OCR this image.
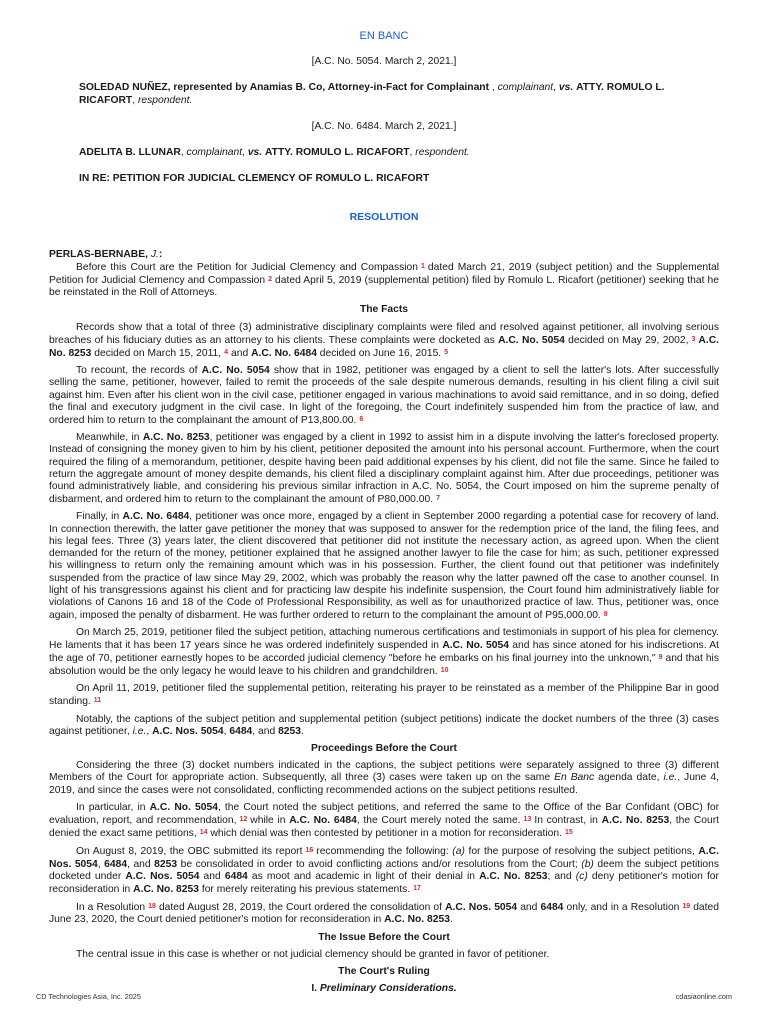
EN BANC
[A.C. No. 5054. March 2, 2021.]
SOLEDAD NUÑEZ, represented by Anamias B. Co, Attorney-in-Fact for Complainant , complainant, vs. ATTY. ROMULO L. RICAFORT, respondent.
[A.C. No. 6484. March 2, 2021.]
ADELITA B. LLUNAR, complainant, vs. ATTY. ROMULO L. RICAFORT, respondent.
IN RE: PETITION FOR JUDICIAL CLEMENCY OF ROMULO L. RICAFORT
RESOLUTION

PERLAS-BERNABE, J.:

Before this Court are the Petition for Judicial Clemency and Compassion 1 dated March 21, 2019 (subject petition) and the Supplemental Petition for Judicial Clemency and Compassion 2 dated April 5, 2019 (supplemental petition) filed by Romulo L. Ricafort (petitioner) seeking that he be reinstated in the Roll of Attorneys.

The Facts

Records show that a total of three (3) administrative disciplinary complaints were filed and resolved against petitioner, all involving serious breaches of his fiduciary duties as an attorney to his clients. These complaints were docketed as A.C. No. 5054 decided on May 29, 2002, 3 A.C. No. 8253 decided on March 15, 2011, 4 and A.C. No. 6484 decided on June 16, 2015. 5

To recount, the records of A.C. No. 5054 show that in 1982, petitioner was engaged by a client to sell the latter's lots. After successfully selling the same, petitioner, however, failed to remit the proceeds of the sale despite numerous demands, resulting in his client filing a civil suit against him. Even after his client won in the civil case, petitioner engaged in various machinations to avoid said remittance, and in so doing, defied the final and executory judgment in the civil case. In light of the foregoing, the Court indefinitely suspended him from the practice of law, and ordered him to return to the complainant the amount of P13,800.00. 6

Meanwhile, in A.C. No. 8253, petitioner was engaged by a client in 1992 to assist him in a dispute involving the latter's foreclosed property. Instead of consigning the money given to him by his client, petitioner deposited the amount into his personal account. Furthermore, when the court required the filing of a memorandum, petitioner, despite having been paid additional expenses by his client, did not file the same. Since he failed to return the aggregate amount of money despite demands, his client filed a disciplinary complaint against him. After due proceedings, petitioner was found administratively liable, and considering his previous similar infraction in A.C. No. 5054, the Court imposed on him the supreme penalty of disbarment, and ordered him to return to the complainant the amount of P80,000.00. 7

Finally, in A.C. No. 6484, petitioner was once more, engaged by a client in September 2000 regarding a potential case for recovery of land. In connection therewith, the latter gave petitioner the money that was supposed to answer for the redemption price of the land, the filing fees, and his legal fees. Three (3) years later, the client discovered that petitioner did not institute the necessary action, as agreed upon. When the client demanded for the return of the money, petitioner explained that he assigned another lawyer to file the case for him; as such, petitioner expressed his willingness to return only the remaining amount which was in his possession. Further, the client found out that petitioner was indefinitely suspended from the practice of law since May 29, 2002, which was probably the reason why the latter pawned off the case to another counsel. In light of his transgressions against his client and for practicing law despite his indefinite suspension, the Court found him administratively liable for violations of Canons 16 and 18 of the Code of Professional Responsibility, as well as for unauthorized practice of law. Thus, petitioner was, once again, imposed the penalty of disbarment. He was further ordered to return to the complainant the amount of P95,000.00. 8

On March 25, 2019, petitioner filed the subject petition, attaching numerous certifications and testimonials in support of his plea for clemency. He laments that it has been 17 years since he was ordered indefinitely suspended in A.C. No. 5054 and has since atoned for his indiscretions. At the age of 70, petitioner earnestly hopes to be accorded judicial clemency "before he embarks on his final journey into the unknown," 9 and that his absolution would be the only legacy he would leave to his children and grandchildren. 10

On April 11, 2019, petitioner filed the supplemental petition, reiterating his prayer to be reinstated as a member of the Philippine Bar in good standing. 11

Notably, the captions of the subject petition and supplemental petition (subject petitions) indicate the docket numbers of the three (3) cases against petitioner, i.e., A.C. Nos. 5054, 6484, and 8253.

Proceedings Before the Court

Considering the three (3) docket numbers indicated in the captions, the subject petitions were separately assigned to three (3) different Members of the Court for appropriate action. Subsequently, all three (3) cases were taken up on the same En Banc agenda date, i.e., June 4, 2019, and since the cases were not consolidated, conflicting recommended actions on the subject petitions resulted.

In particular, in A.C. No. 5054, the Court noted the subject petitions, and referred the same to the Office of the Bar Confidant (OBC) for evaluation, report, and recommendation, 12 while in A.C. No. 6484, the Court merely noted the same. 13 In contrast, in A.C. No. 8253, the Court denied the exact same petitions, 14 which denial was then contested by petitioner in a motion for reconsideration. 15

On August 8, 2019, the OBC submitted its report 16 recommending the following: (a) for the purpose of resolving the subject petitions, A.C. Nos. 5054, 6484, and 8253 be consolidated in order to avoid conflicting actions and/or resolutions from the Court; (b) deem the subject petitions docketed under A.C. Nos. 5054 and 6484 as moot and academic in light of their denial in A.C. No. 8253; and (c) deny petitioner's motion for reconsideration in A.C. No. 8253 for merely reiterating his previous statements. 17

In a Resolution 18 dated August 28, 2019, the Court ordered the consolidation of A.C. Nos. 5054 and 6484 only, and in a Resolution 19 dated June 23, 2020, the Court denied petitioner's motion for reconsideration in A.C. No. 8253.

The Issue Before the Court

The central issue in this case is whether or not judicial clemency should be granted in favor of petitioner.

The Court's Ruling
I. Preliminary Considerations.
CD Technologies Asia, Inc. 2025	cdasiaonline.com
